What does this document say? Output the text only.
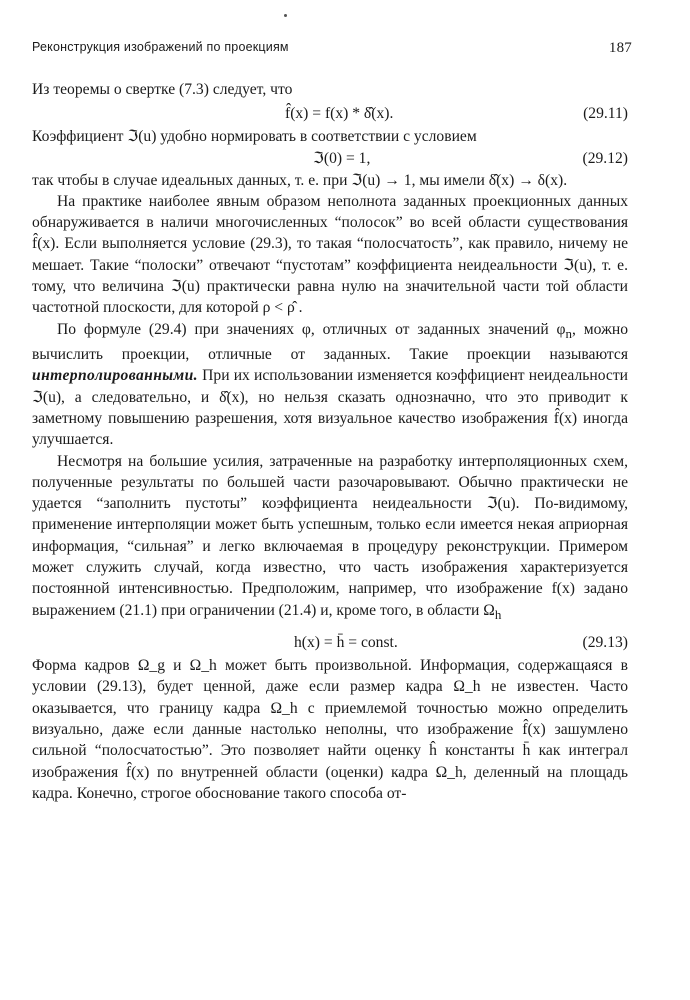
Реконструкция изображений по проекциям	187

Из теоремы о свертке (7.3) следует, что

f̂(x) = f(x) * δ̂(x).	(29.11)

Коэффициент ℑ(u) удобно нормировать в соответствии с условием

ℑ(0) = 1,	(29.12)

так чтобы в случае идеальных данных, т. е. при ℑ(u) → 1, мы имели δ̂(x) → δ(x).

На практике наиболее явным образом неполнота заданных проекционных данных обнаруживается в наличи многочисленных “полосок” во всей области существования f̂(x). Если выполняется условие (29.3), то такая “полосчатость”, как правило, ничему не мешает. Такие “полоски” отвечают “пустотам” коэффициента неидеальности ℑ(u), т. е. тому, что величина ℑ(u) практически равна нулю на значительной части той области частотной плоскости, для которой ρ < ρ̂ .

По формуле (29.4) при значениях φ, отличных от заданных значений $\varphi_n$, можно вычислить проекции, отличные от заданных. Такие проекции называются интерполированными. При их использовании изменяется коэффициент неидеальности ℑ(u), а следовательно, и δ̂(x), но нельзя сказать однозначно, что это приводит к заметному повышению разрешения, хотя визуальное качество изображения f̂(x) иногда улучшается.

Несмотря на большие усилия, затраченные на разработку интерполяционных схем, полученные результаты по большей части разочаровывают. Обычно практически не удается “заполнить пустоты” коэффициента неидеальности ℑ(u). По-видимому, применение интерполяции может быть успешным, только если имеется некая априорная информация, “сильная” и легко включаемая в процедуру реконструкции. Примером может служить случай, когда известно, что часть изображения характеризуется постоянной интенсивностью. Предположим, например, что изображение f(x) задано выражением (21.1) при ограничении (21.4) и, кроме того, в области $\Omega_h$

h(x) = h̄ = const.	(29.13)

Форма кадров Ω_g и Ω_h может быть произвольной. Информация, содержащаяся в условии (29.13), будет ценной, даже если размер кадра Ω_h не известен. Часто оказывается, что границу кадра Ω_h с приемлемой точностью можно определить визуально, даже если данные настолько неполны, что изображение f̂(x) зашумлено сильной “полосчатостью”. Это позволяет найти оценку ĥ константы h̄ как интеграл изображения f̂(x) по внутренней области (оценки) кадра Ω_h, деленный на площадь кадра. Конечно, строгое обоснование такого способа от-
